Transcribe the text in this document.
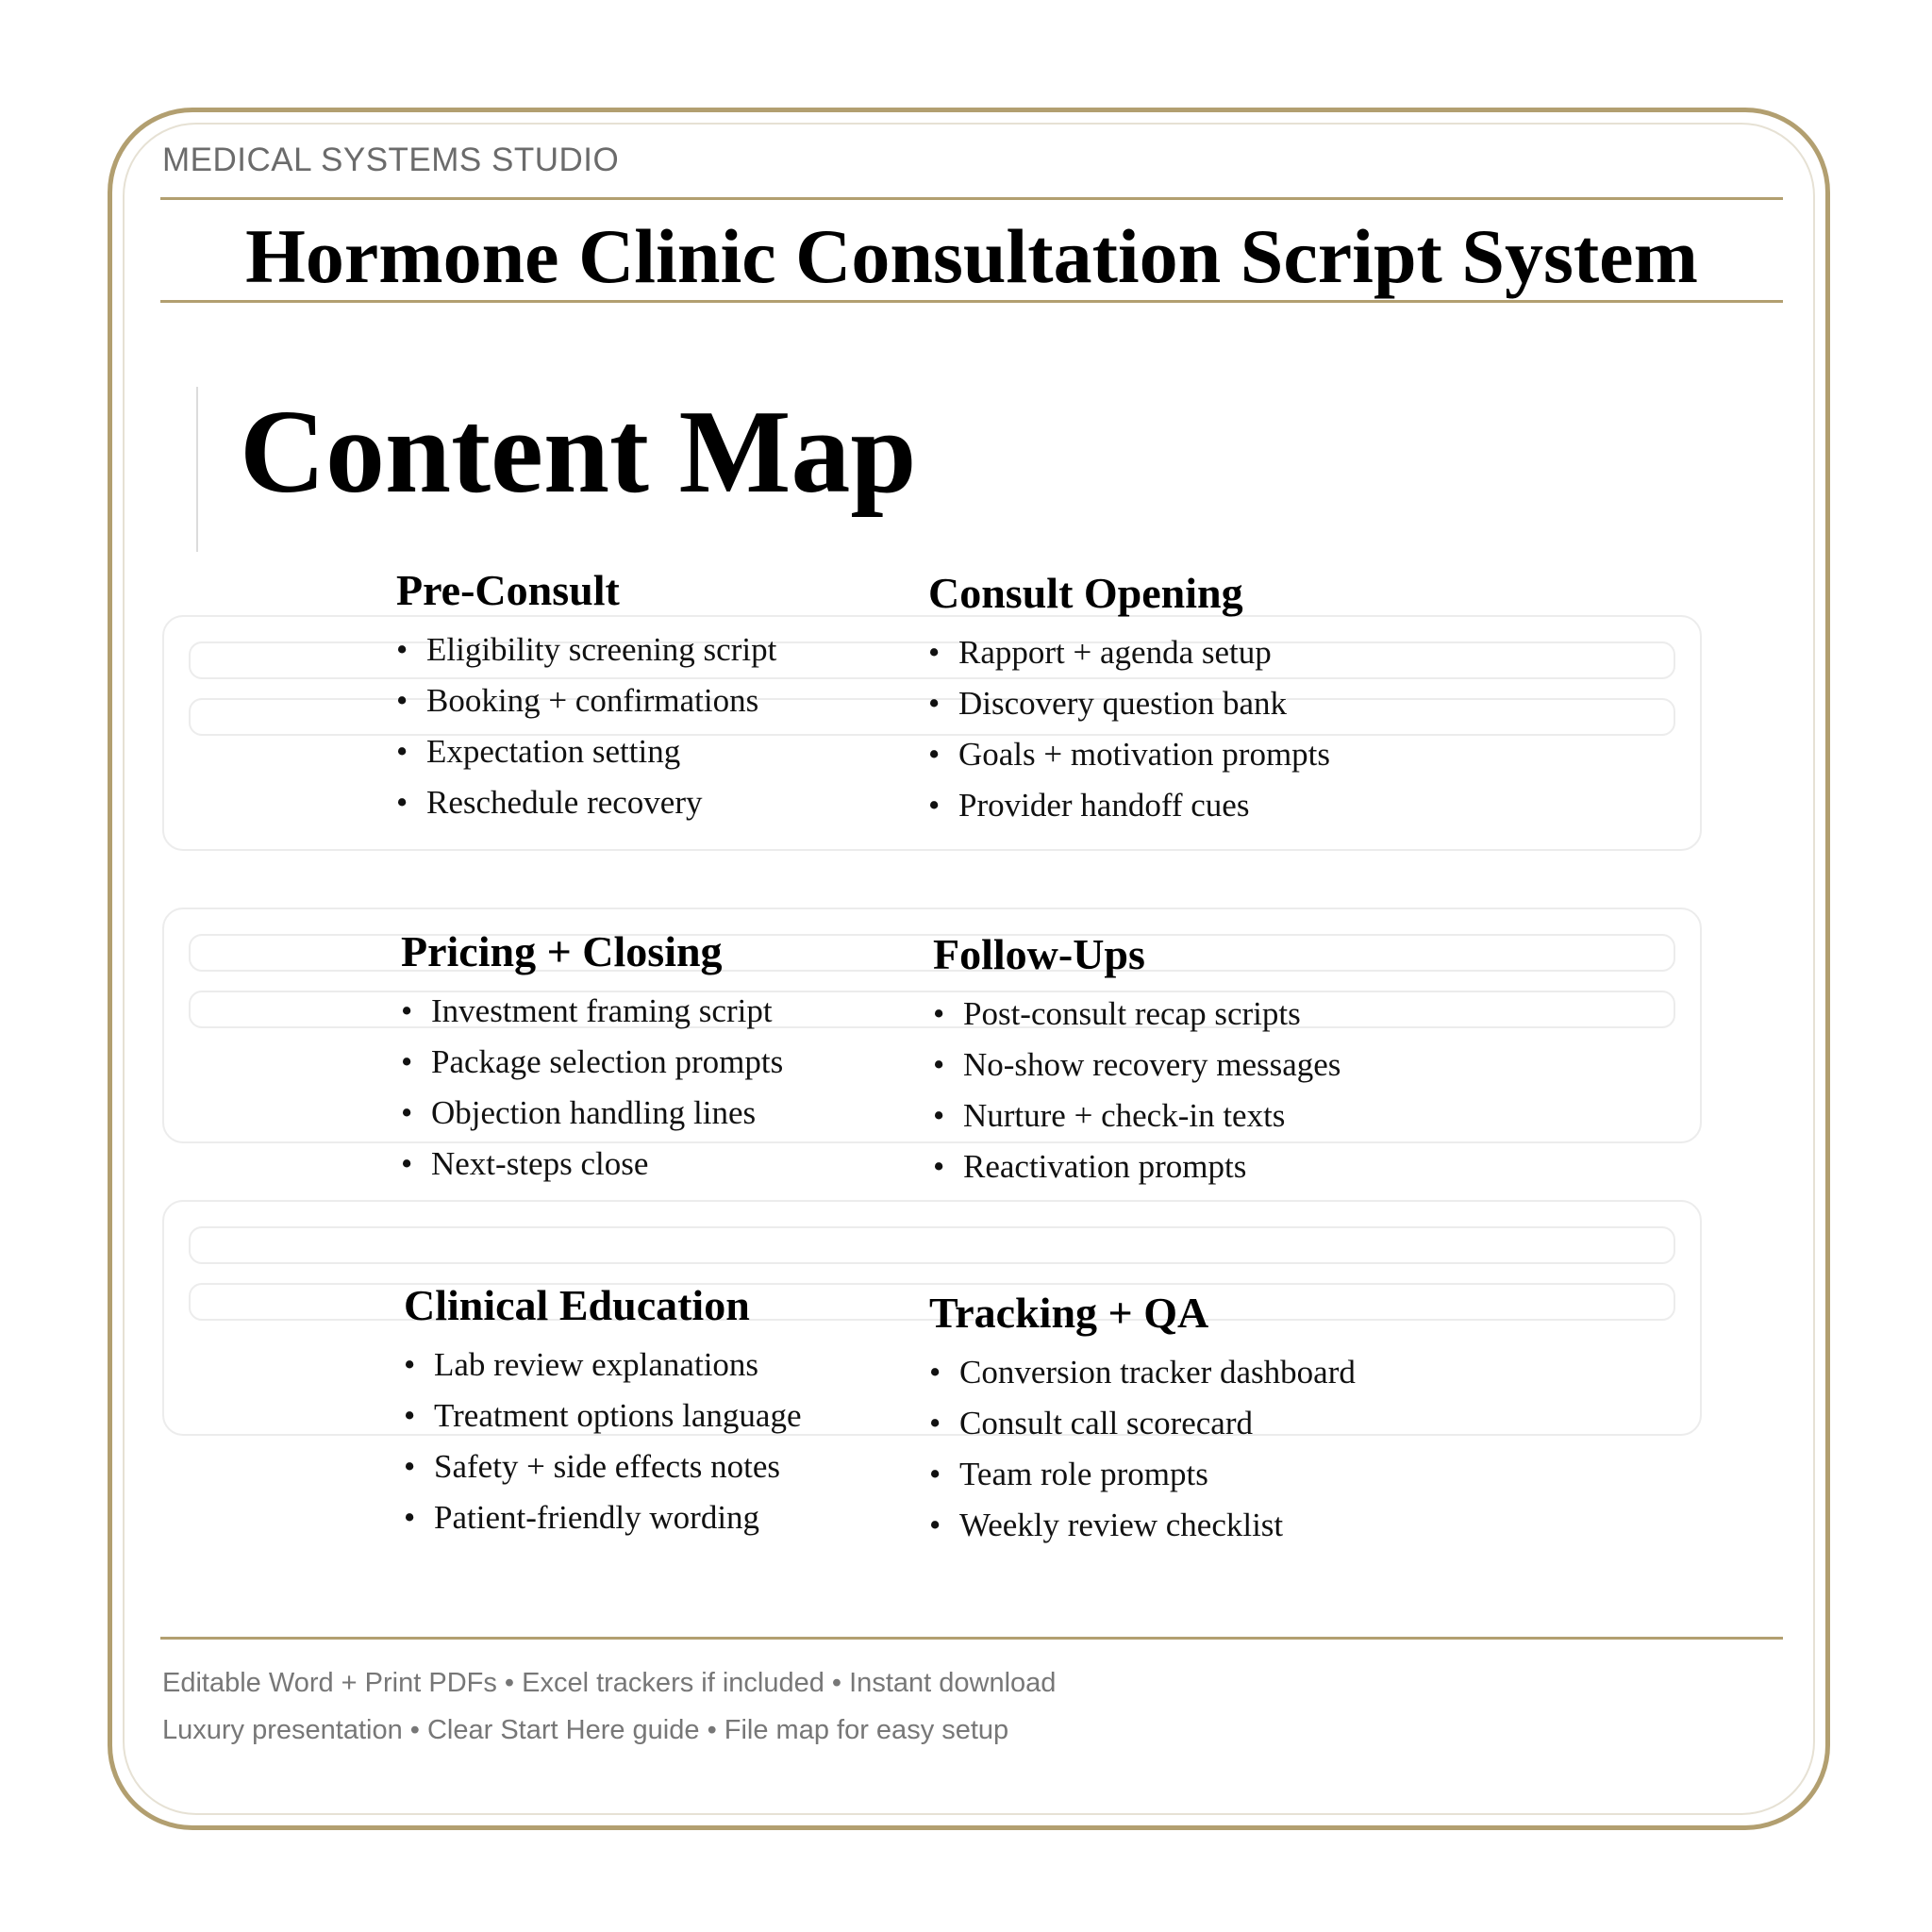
MEDICAL SYSTEMS STUDIO
Hormone Clinic Consultation Script System
Content Map
Pre-Consult
• Eligibility screening script
• Booking + confirmations
• Expectation setting
• Reschedule recovery
Consult Opening
• Rapport + agenda setup
• Discovery question bank
• Goals + motivation prompts
• Provider handoff cues
Pricing + Closing
• Investment framing script
• Package selection prompts
• Objection handling lines
• Next-steps close
Follow-Ups
• Post-consult recap scripts
• No-show recovery messages
• Nurture + check-in texts
• Reactivation prompts
Clinical Education
• Lab review explanations
• Treatment options language
• Safety + side effects notes
• Patient-friendly wording
Tracking + QA
• Conversion tracker dashboard
• Consult call scorecard
• Team role prompts
• Weekly review checklist
Editable Word + Print PDFs • Excel trackers if included • Instant download
Luxury presentation • Clear Start Here guide • File map for easy setup
